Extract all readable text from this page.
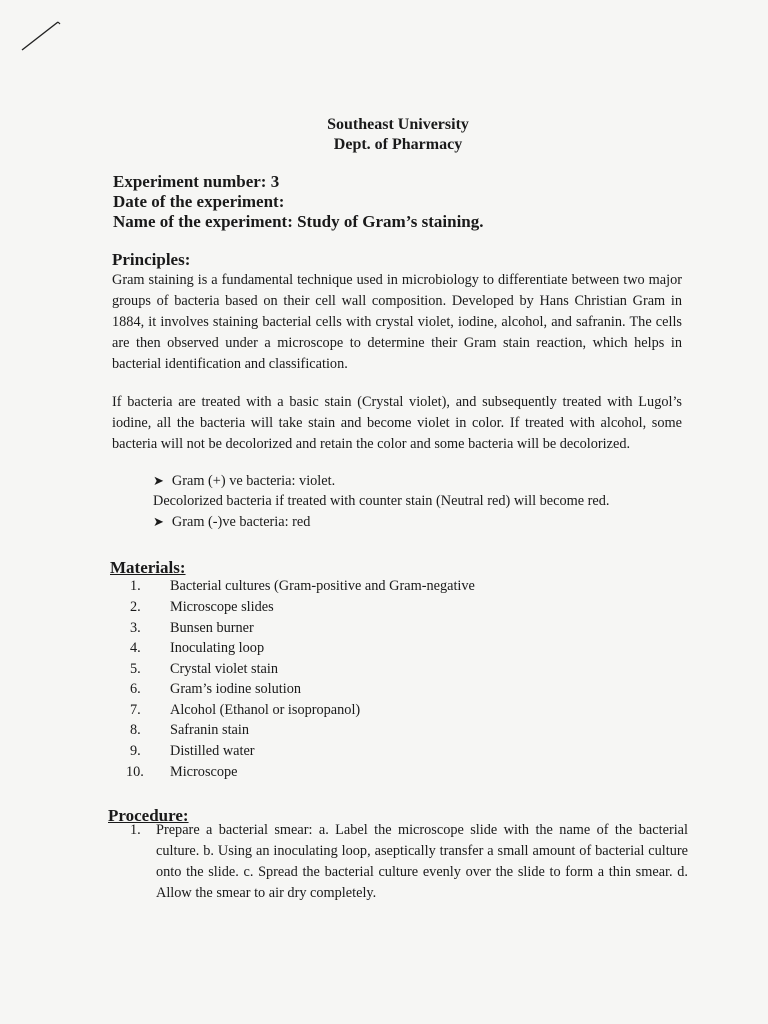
Southeast University
Dept. of Pharmacy
Experiment number: 3
Date of the experiment:
Name of the experiment: Study of Gram’s staining.
Principles:
Gram staining is a fundamental technique used in microbiology to differentiate between two major groups of bacteria based on their cell wall composition. Developed by Hans Christian Gram in 1884, it involves staining bacterial cells with crystal violet, iodine, alcohol, and safranin. The cells are then observed under a microscope to determine their Gram stain reaction, which helps in bacterial identification and classification.
If bacteria are treated with a basic stain (Crystal violet), and subsequently treated with Lugol’s iodine, all the bacteria will take stain and become violet in color. If treated with alcohol, some bacteria will not be decolorized and retain the color and some bacteria will be decolorized.
➤ Gram (+) ve bacteria: violet.
Decolorized bacteria if treated with counter stain (Neutral red) will become red.
➤ Gram (-)ve bacteria: red
Materials:
1. Bacterial cultures (Gram-positive and Gram-negative
2. Microscope slides
3. Bunsen burner
4. Inoculating loop
5. Crystal violet stain
6. Gram’s iodine solution
7. Alcohol (Ethanol or isopropanol)
8. Safranin stain
9. Distilled water
10. Microscope
Procedure:
1. Prepare a bacterial smear: a. Label the microscope slide with the name of the bacterial culture. b. Using an inoculating loop, aseptically transfer a small amount of bacterial culture onto the slide. c. Spread the bacterial culture evenly over the slide to form a thin smear. d. Allow the smear to air dry completely.
